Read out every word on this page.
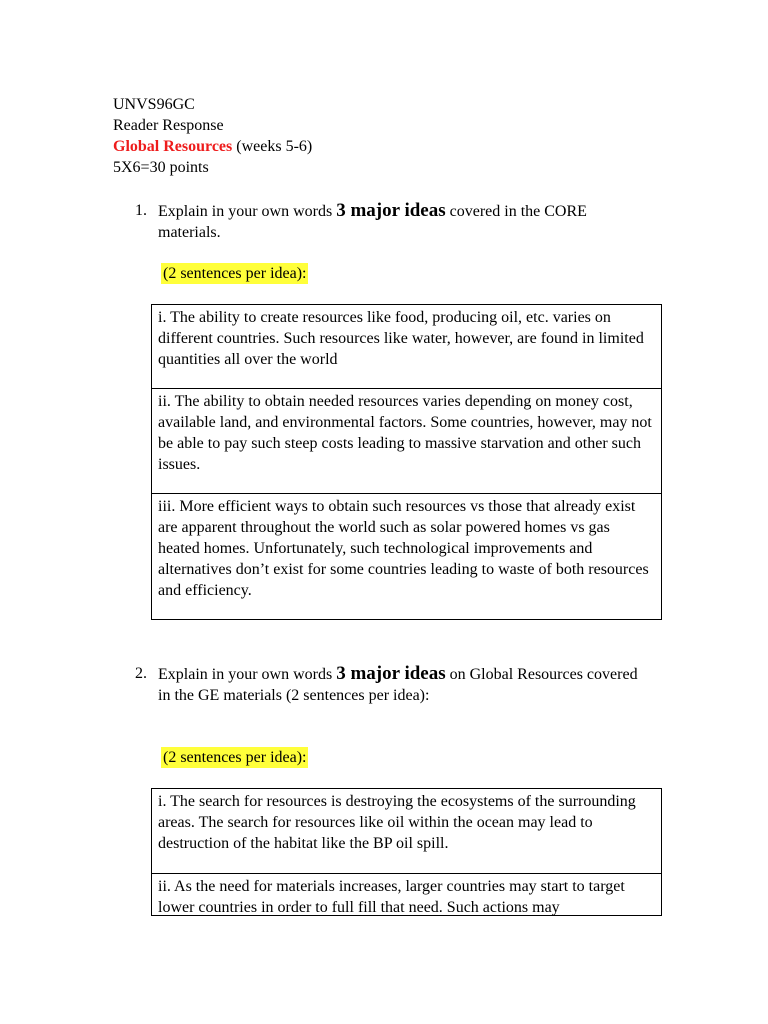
UNVS96GC
Reader Response
Global Resources (weeks 5-6)
5X6=30 points
1. Explain in your own words 3 major ideas covered in the CORE materials.
(2 sentences per idea):
i. The ability to create resources like food, producing oil, etc. varies on different countries. Such resources like water, however, are found in limited quantities all over the world
ii. The ability to obtain needed resources varies depending on money cost, available land, and environmental factors. Some countries, however, may not be able to pay such steep costs leading to massive starvation and other such issues.
iii. More efficient ways to obtain such resources vs those that already exist are apparent throughout the world such as solar powered homes vs gas heated homes. Unfortunately, such technological improvements and alternatives don’t exist for some countries leading to waste of both resources and efficiency.
2. Explain in your own words 3 major ideas on Global Resources covered in the GE materials (2 sentences per idea):
(2 sentences per idea):
i. The search for resources is destroying the ecosystems of the surrounding areas. The search for resources like oil within the ocean may lead to destruction of the habitat like the BP oil spill.
ii. As the need for materials increases, larger countries may start to target lower countries in order to full fill that need. Such actions may
